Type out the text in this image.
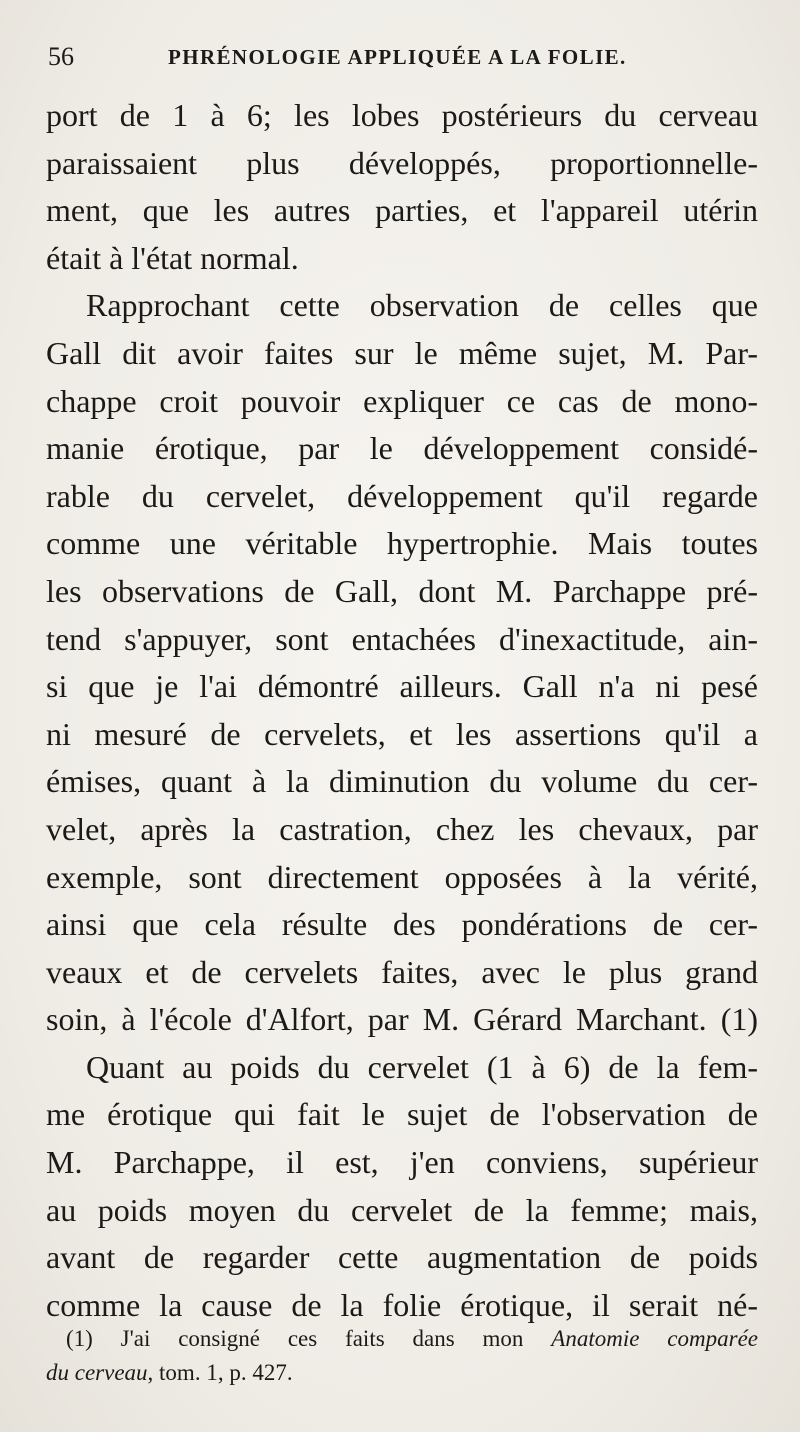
56	PHRÉNOLOGIE APPLIQUÉE A LA FOLIE.
port de 1 à 6; les lobes postérieurs du cerveau
paraissaient plus développés, proportionnelle-
ment, que les autres parties, et l'appareil utérin
était à l'état normal.
Rapprochant cette observation de celles que
Gall dit avoir faites sur le même sujet, M. Par-
chappe croit pouvoir expliquer ce cas de mono-
manie érotique, par le développement considé-
rable du cervelet, développement qu'il regarde
comme une véritable hypertrophie. Mais toutes
les observations de Gall, dont M. Parchappe pré-
tend s'appuyer, sont entachées d'inexactitude, ain-
si que je l'ai démontré ailleurs. Gall n'a ni pesé
ni mesuré de cervelets, et les assertions qu'il a
émises, quant à la diminution du volume du cer-
velet, après la castration, chez les chevaux, par
exemple, sont directement opposées à la vérité,
ainsi que cela résulte des pondérations de cer-
veaux et de cervelets faites, avec le plus grand
soin, à l'école d'Alfort, par M. Gérard Marchant. (1)
Quant au poids du cervelet (1 à 6) de la fem-
me érotique qui fait le sujet de l'observation de
M. Parchappe, il est, j'en conviens, supérieur
au poids moyen du cervelet de la femme; mais,
avant de regarder cette augmentation de poids
comme la cause de la folie érotique, il serait né-
(1) J'ai consigné ces faits dans mon Anatomie comparée
du cerveau, tom. 1, p. 427.
